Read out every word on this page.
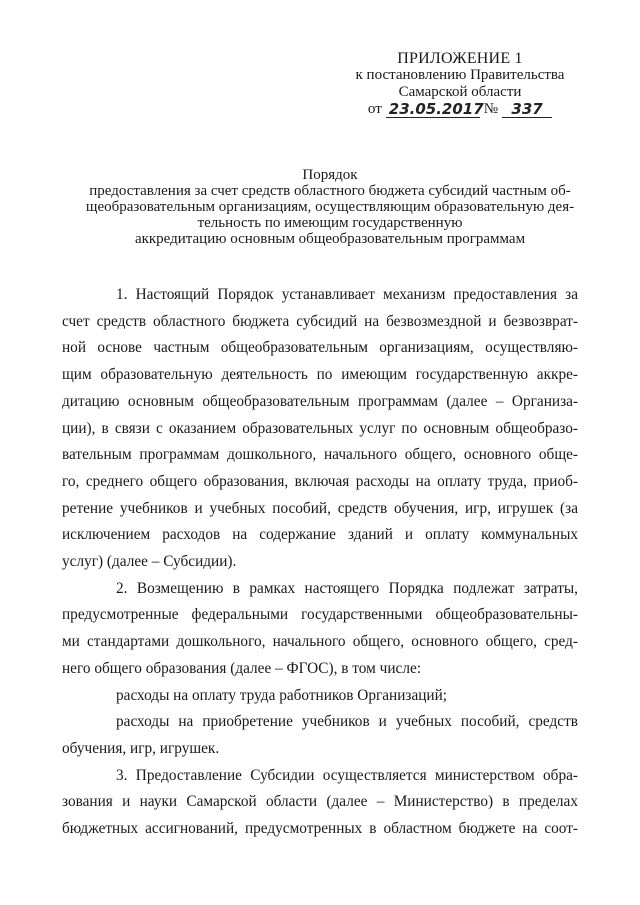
ПРИЛОЖЕНИЕ 1
к постановлению Правительства
Самарской области
от 23.05.2017 № 337
Порядок
предоставления за счет средств областного бюджета субсидий частным об-
щеобразовательным организациям, осуществляющим образовательную дея-
тельность по имеющим государственную
аккредитацию основным общеобразовательным программам
1. Настоящий Порядок устанавливает механизм предоставления за
счет средств областного бюджета субсидий на безвозмездной и безвозврат-
ной основе частным общеобразовательным организациям, осуществляю-
щим образовательную деятельность по имеющим государственную аккре-
дитацию основным общеобразовательным программам (далее – Организа-
ции), в связи с оказанием образовательных услуг по основным общеобразо-
вательным программам дошкольного, начального общего, основного обще-
го, среднего общего образования, включая расходы на оплату труда, приоб-
ретение учебников и учебных пособий, средств обучения, игр, игрушек (за
исключением расходов на содержание зданий и оплату коммунальных
услуг) (далее – Субсидии).
2. Возмещению в рамках настоящего Порядка подлежат затраты,
предусмотренные федеральными государственными общеобразовательны-
ми стандартами дошкольного, начального общего, основного общего, сред-
него общего образования (далее – ФГОС), в том числе:
расходы на оплату труда работников Организаций;
расходы на приобретение учебников и учебных пособий, средств
обучения, игр, игрушек.
3. Предоставление Субсидии осуществляется министерством обра-
зования и науки Самарской области (далее – Министерство) в пределах
бюджетных ассигнований, предусмотренных в областном бюджете на соот-
